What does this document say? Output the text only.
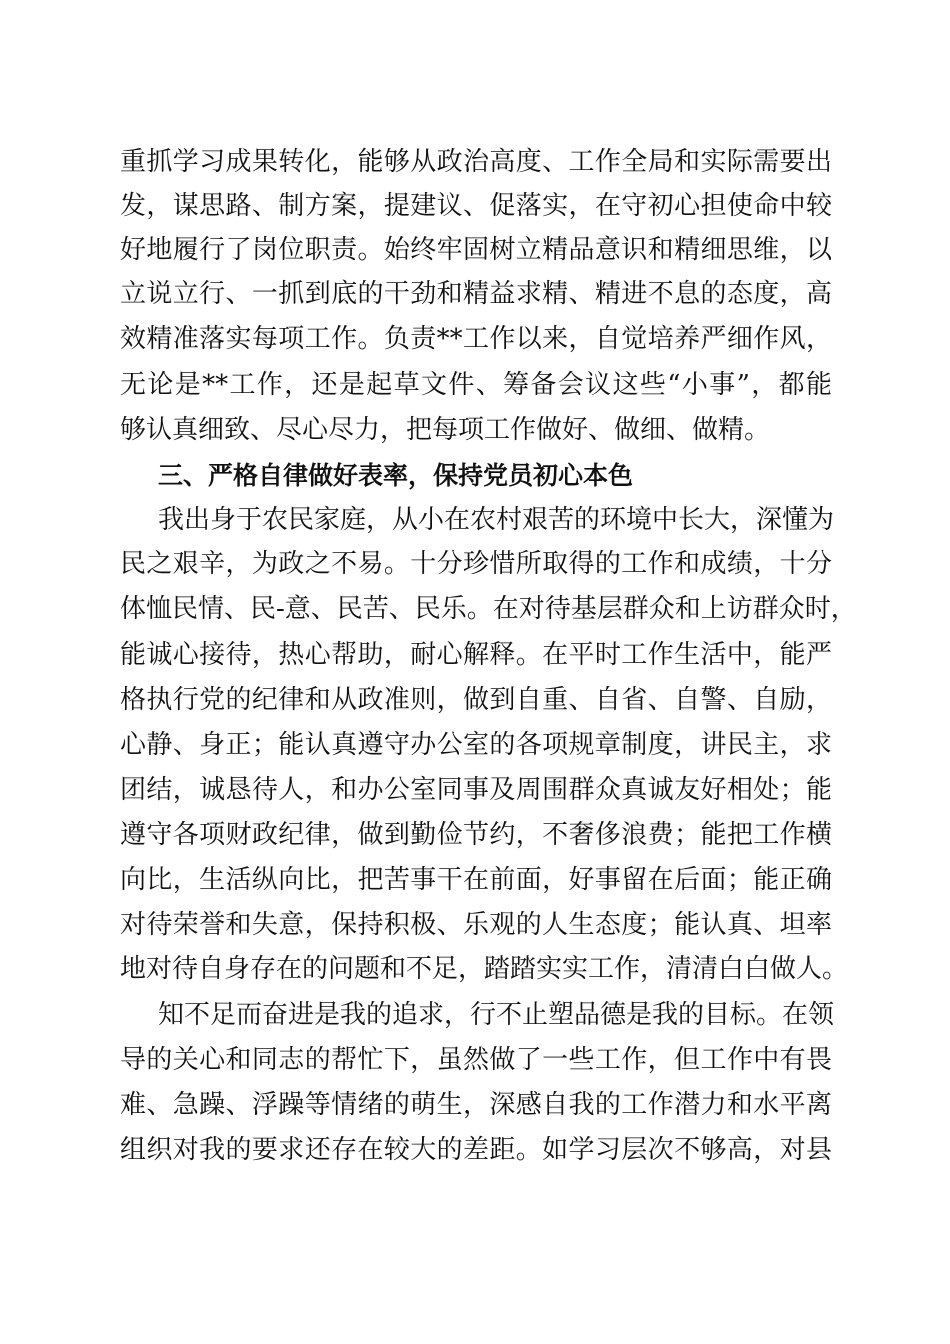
重抓学习成果转化，能够从政治高度、工作全局和实际需要出

发，谋思路、制方案，提建议、促落实，在守初心担使命中较

好地履行了岗位职责。始终牢固树立精品意识和精细思维，以

立说立行、一抓到底的干劲和精益求精、精进不息的态度，高

效精准落实每项工作。负责**工作以来，自觉培养严细作风，

无论是**工作，还是起草文件、筹备会议这些“小事”，都能

够认真细致、尽心尽力，把每项工作做好、做细、做精。

三、严格自律做好表率，保持党员初心本色

我出身于农民家庭，从小在农村艰苦的环境中长大，深懂为

民之艰辛，为政之不易。十分珍惜所取得的工作和成绩，十分

体恤民情、民-意、民苦、民乐。在对待基层群众和上访群众时，

能诚心接待，热心帮助，耐心解释。在平时工作生活中，能严

格执行党的纪律和从政准则，做到自重、自省、自警、自励，

心静、身正；能认真遵守办公室的各项规章制度，讲民主，求

团结，诚恳待人，和办公室同事及周围群众真诚友好相处；能

遵守各项财政纪律，做到勤俭节约，不奢侈浪费；能把工作横

向比，生活纵向比，把苦事干在前面，好事留在后面；能正确

对待荣誉和失意，保持积极、乐观的人生态度；能认真、坦率

地对待自身存在的问题和不足，踏踏实实工作，清清白白做人。

知不足而奋进是我的追求，行不止塑品德是我的目标。在领

导的关心和同志的帮忙下，虽然做了一些工作，但工作中有畏

难、急躁、浮躁等情绪的萌生，深感自我的工作潜力和水平离

组织对我的要求还存在较大的差距。如学习层次不够高，对县
